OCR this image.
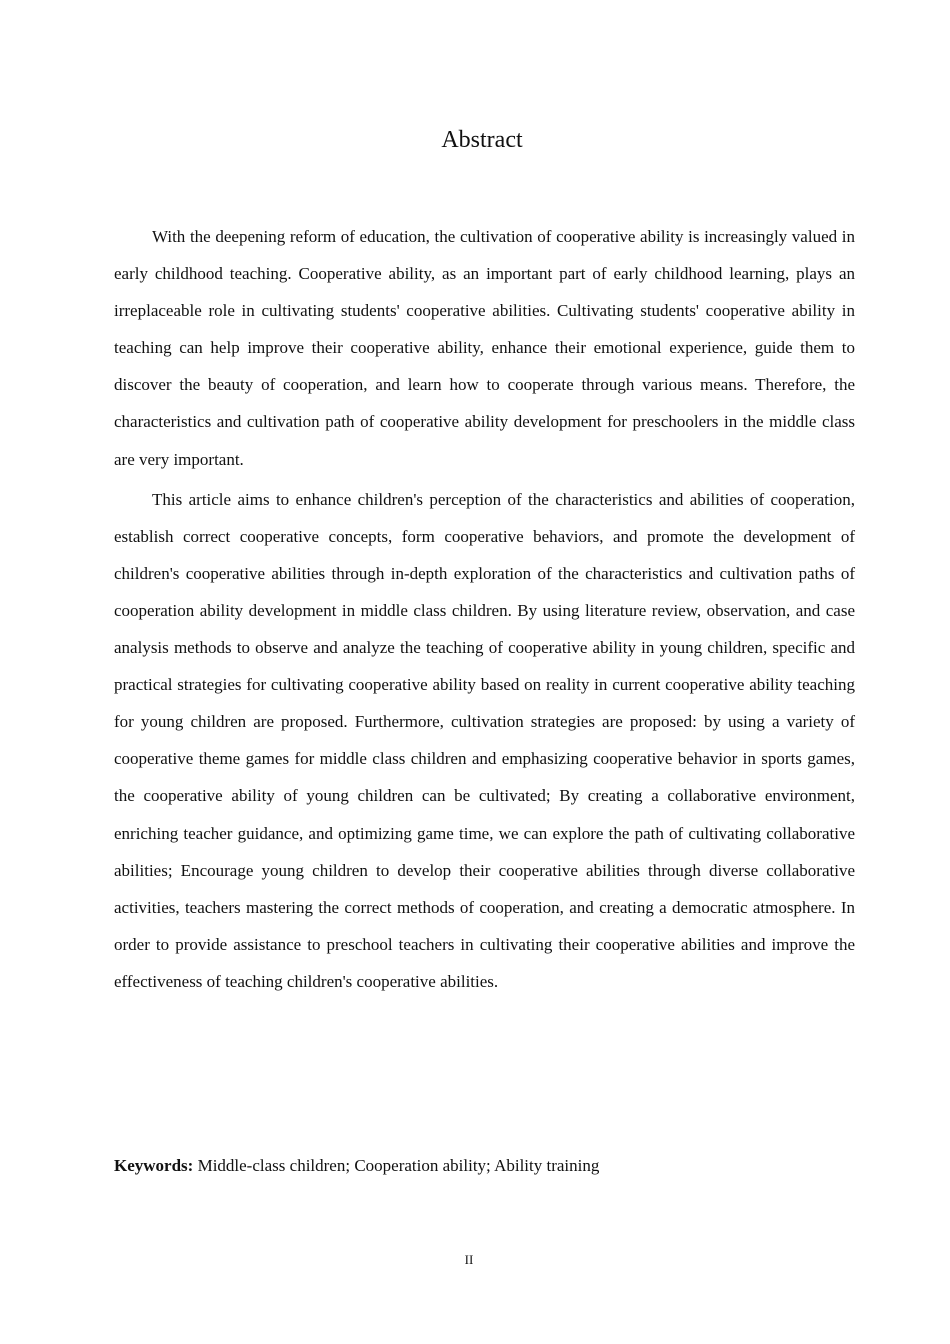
Abstract

With the deepening reform of education, the cultivation of cooperative ability is increasingly valued in early childhood teaching. Cooperative ability, as an important part of early childhood learning, plays an irreplaceable role in cultivating students' cooperative abilities. Cultivating students' cooperative ability in teaching can help improve their cooperative ability, enhance their emotional experience, guide them to discover the beauty of cooperation, and learn how to cooperate through various means. Therefore, the characteristics and cultivation path of cooperative ability development for preschoolers in the middle class are very important.

This article aims to enhance children's perception of the characteristics and abilities of cooperation, establish correct cooperative concepts, form cooperative behaviors, and promote the development of children's cooperative abilities through in-depth exploration of the characteristics and cultivation paths of cooperation ability development in middle class children. By using literature review, observation, and case analysis methods to observe and analyze the teaching of cooperative ability in young children, specific and practical strategies for cultivating cooperative ability based on reality in current cooperative ability teaching for young children are proposed. Furthermore, cultivation strategies are proposed: by using a variety of cooperative theme games for middle class children and emphasizing cooperative behavior in sports games, the cooperative ability of young children can be cultivated; By creating a collaborative environment, enriching teacher guidance, and optimizing game time, we can explore the path of cultivating collaborative abilities; Encourage young children to develop their cooperative abilities through diverse collaborative activities, teachers mastering the correct methods of cooperation, and creating a democratic atmosphere. In order to provide assistance to preschool teachers in cultivating their cooperative abilities and improve the effectiveness of teaching children's cooperative abilities.

Keywords: Middle-class children; Cooperation ability; Ability training

II
